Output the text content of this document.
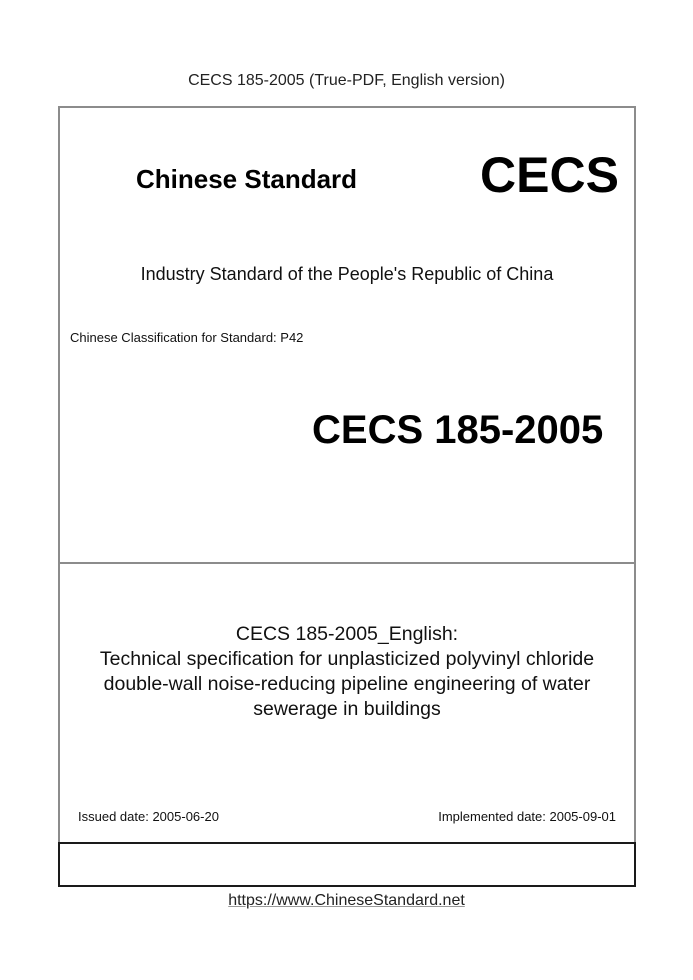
CECS 185-2005 (True-PDF, English version)
Chinese Standard CECS
Industry Standard of the People's Republic of China
Chinese Classification for Standard: P42
CECS 185-2005
CECS 185-2005_English:
Technical specification for unplasticized polyvinyl chloride
double-wall noise-reducing pipeline engineering of water
sewerage in buildings
Issued date: 2005-06-20	Implemented date: 2005-09-01
https://www.ChineseStandard.net
